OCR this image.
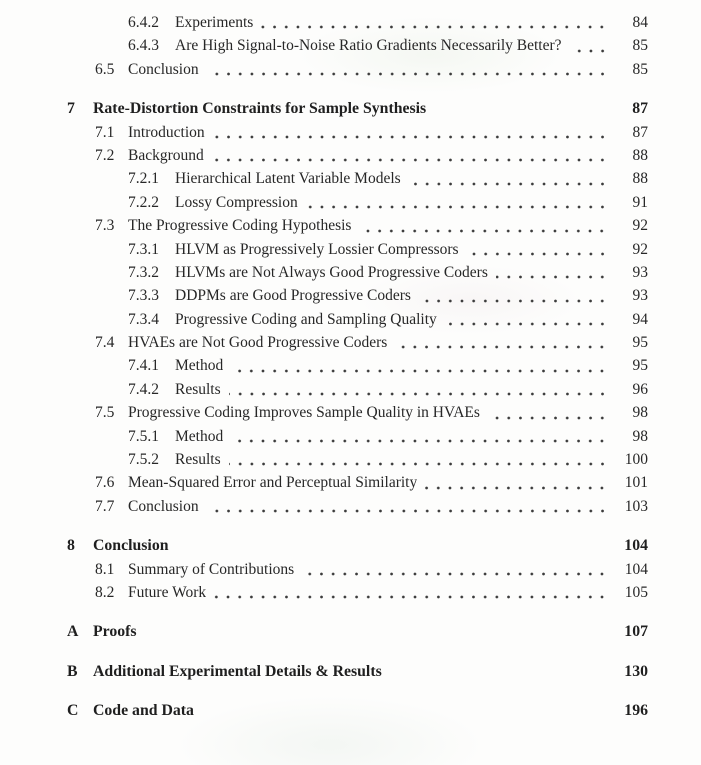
6.4.2	Experiments	84
6.4.3	Are High Signal-to-Noise Ratio Gradients Necessarily Better?	85
6.5 Conclusion	85
7	Rate-Distortion Constraints for Sample Synthesis	87
7.1 Introduction	87
7.2 Background	88
7.2.1	Hierarchical Latent Variable Models	88
7.2.2	Lossy Compression	91
7.3 The Progressive Coding Hypothesis	92
7.3.1	HLVM as Progressively Lossier Compressors	92
7.3.2	HLVMs are Not Always Good Progressive Coders	93
7.3.3	DDPMs are Good Progressive Coders	93
7.3.4	Progressive Coding and Sampling Quality	94
7.4 HVAEs are Not Good Progressive Coders	95
7.4.1	Method	95
7.4.2	Results	96
7.5 Progressive Coding Improves Sample Quality in HVAEs	98
7.5.1	Method	98
7.5.2	Results	100
7.6 Mean-Squared Error and Perceptual Similarity	101
7.7 Conclusion	103
8	Conclusion	104
8.1 Summary of Contributions	104
8.2 Future Work	105
A Proofs	107
B Additional Experimental Details & Results	130
C Code and Data	196
